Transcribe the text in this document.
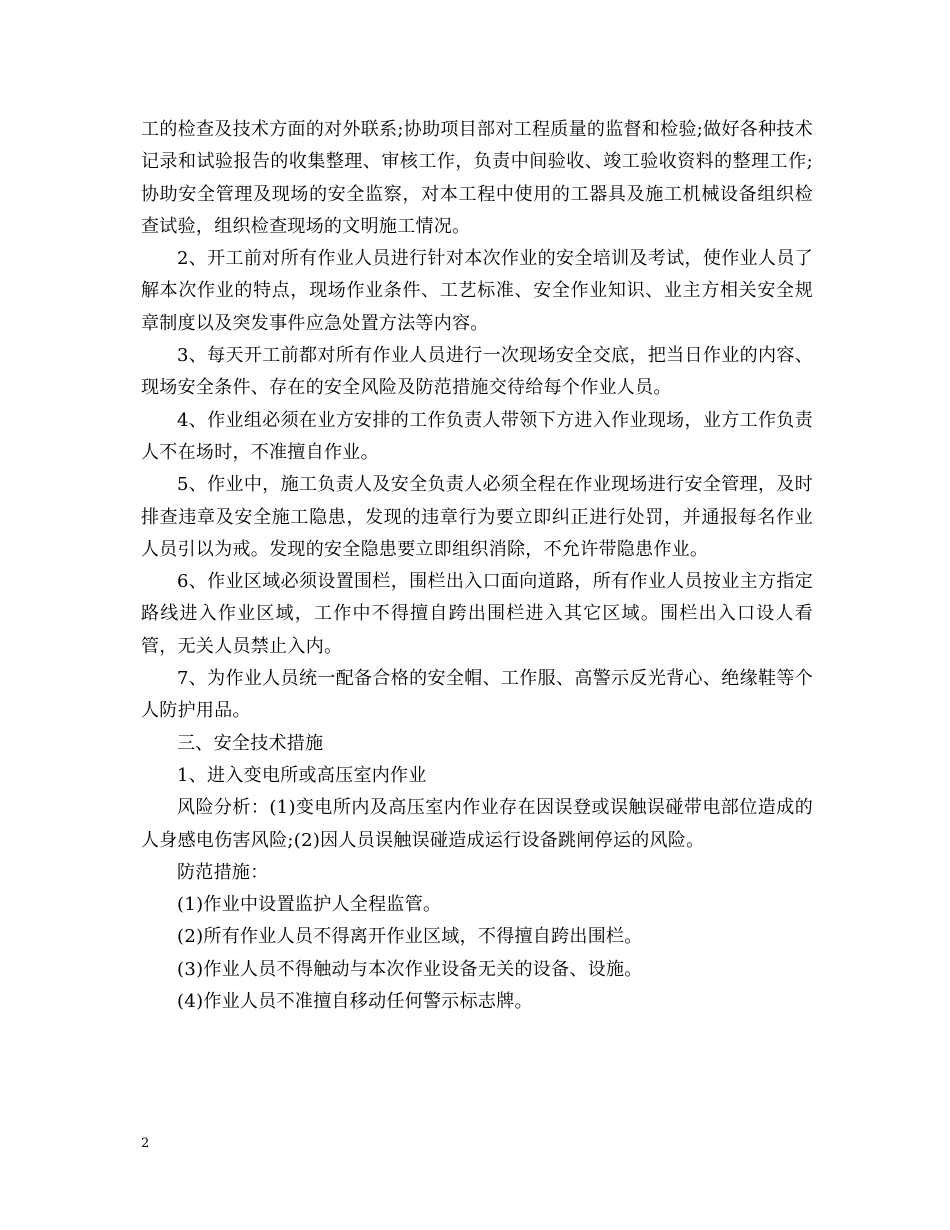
工的检查及技术方面的对外联系;协助项目部对工程质量的监督和检验;做好各种技术记录和试验报告的收集整理、审核工作，负责中间验收、竣工验收资料的整理工作;协助安全管理及现场的安全监察，对本工程中使用的工器具及施工机械设备组织检查试验，组织检查现场的文明施工情况。

2、开工前对所有作业人员进行针对本次作业的安全培训及考试，使作业人员了解本次作业的特点，现场作业条件、工艺标准、安全作业知识、业主方相关安全规章制度以及突发事件应急处置方法等内容。

3、每天开工前都对所有作业人员进行一次现场安全交底，把当日作业的内容、现场安全条件、存在的安全风险及防范措施交待给每个作业人员。

4、作业组必须在业方安排的工作负责人带领下方进入作业现场，业方工作负责人不在场时，不准擅自作业。

5、作业中，施工负责人及安全负责人必须全程在作业现场进行安全管理，及时排查违章及安全施工隐患，发现的违章行为要立即纠正进行处罚，并通报每名作业人员引以为戒。发现的安全隐患要立即组织消除，不允许带隐患作业。

6、作业区域必须设置围栏，围栏出入口面向道路，所有作业人员按业主方指定路线进入作业区域，工作中不得擅自跨出围栏进入其它区域。围栏出入口设人看管，无关人员禁止入内。

7、为作业人员统一配备合格的安全帽、工作服、高警示反光背心、绝缘鞋等个人防护用品。

三、安全技术措施

1、进入变电所或高压室内作业

风险分析：(1)变电所内及高压室内作业存在因误登或误触误碰带电部位造成的人身感电伤害风险;(2)因人员误触误碰造成运行设备跳闸停运的风险。

防范措施：

(1)作业中设置监护人全程监管。

(2)所有作业人员不得离开作业区域，不得擅自跨出围栏。

(3)作业人员不得触动与本次作业设备无关的设备、设施。

(4)作业人员不准擅自移动任何警示标志牌。

2
